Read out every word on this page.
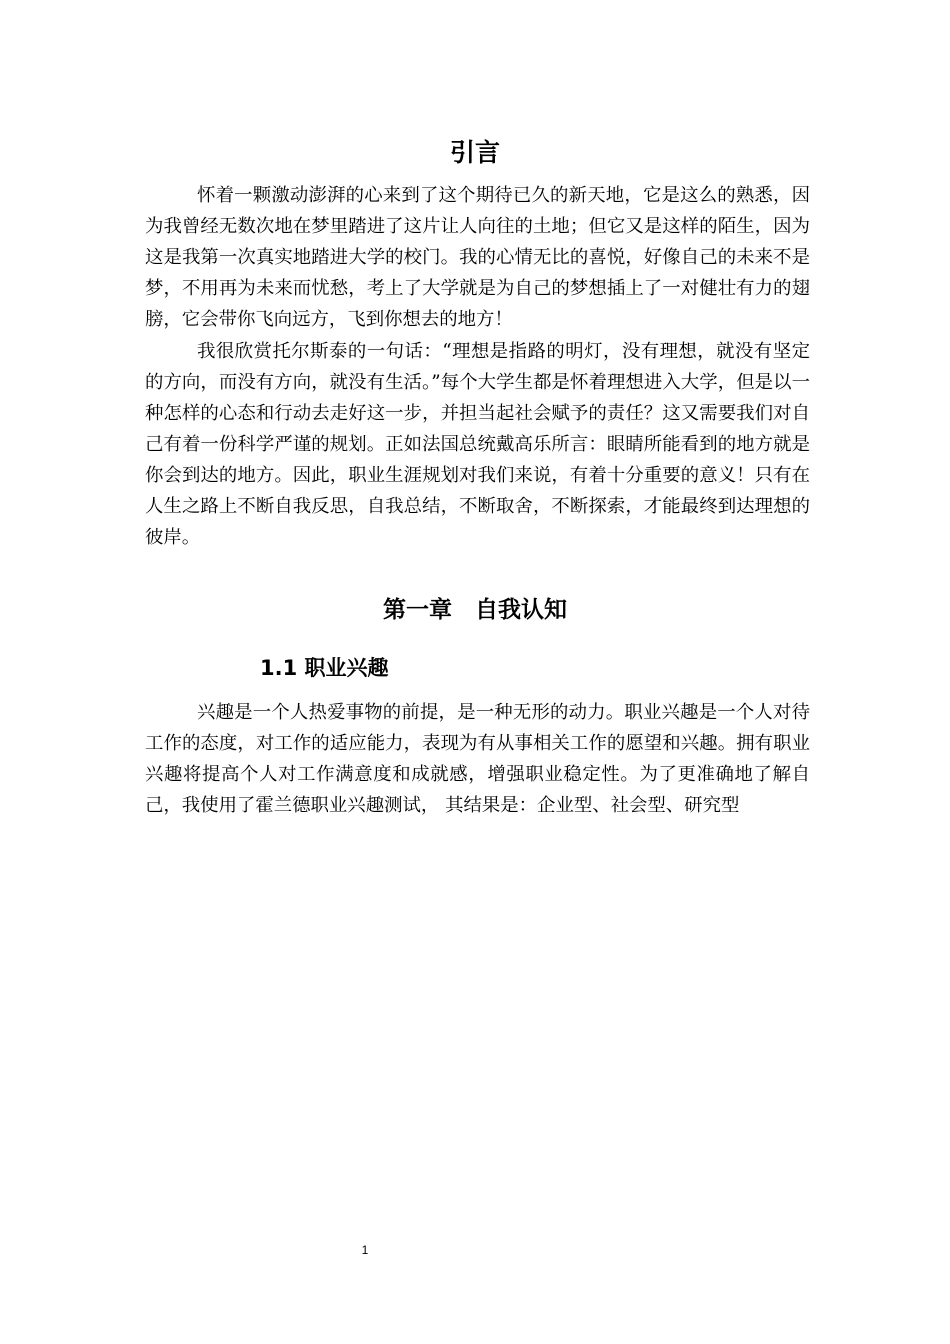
引言

怀着一颗激动澎湃的心来到了这个期待已久的新天地，它是这么的熟悉，因为我曾经无数次地在梦里踏进了这片让人向往的土地；但它又是这样的陌生，因为这是我第一次真实地踏进大学的校门。我的心情无比的喜悦，好像自己的未来不是梦，不用再为未来而忧愁，考上了大学就是为自己的梦想插上了一对健壮有力的翅膀，它会带你飞向远方，飞到你想去的地方！

我很欣赏托尔斯泰的一句话：“理想是指路的明灯，没有理想，就没有坚定的方向，而没有方向，就没有生活。”每个大学生都是怀着理想进入大学，但是以一种怎样的心态和行动去走好这一步，并担当起社会赋予的责任？这又需要我们对自己有着一份科学严谨的规划。正如法国总统戴高乐所言：眼睛所能看到的地方就是你会到达的地方。因此，职业生涯规划对我们来说，有着十分重要的意义！只有在人生之路上不断自我反思，自我总结，不断取舍，不断探索，才能最终到达理想的彼岸。

第一章　自我认知
1.1 职业兴趣

兴趣是一个人热爱事物的前提，是一种无形的动力。职业兴趣是一个人对待工作的态度，对工作的适应能力，表现为有从事相关工作的愿望和兴趣。拥有职业兴趣将提高个人对工作满意度和成就感，增强职业稳定性。为了更准确地了解自己，我使用了霍兰德职业兴趣测试， 其结果是：企业型、社会型、研究型

1
